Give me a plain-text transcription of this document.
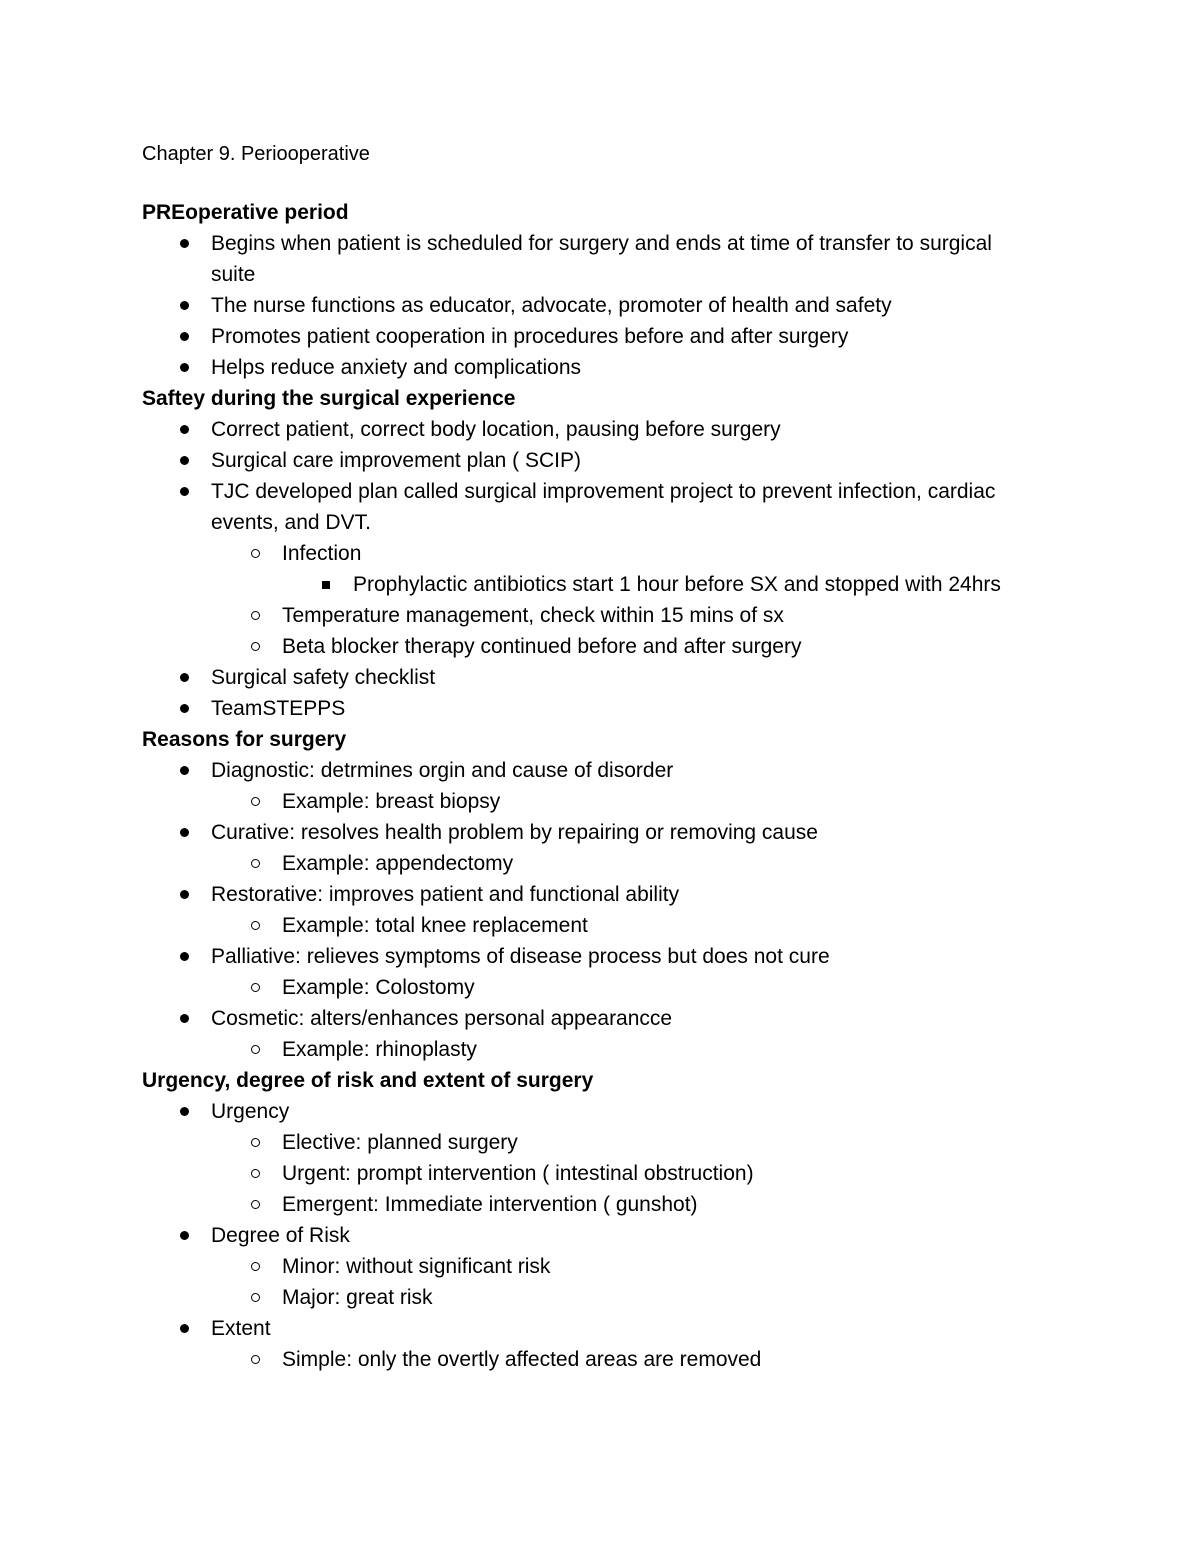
Chapter 9. Periooperative
PREoperative period
Begins when patient is scheduled for surgery and ends at time of transfer to surgical suite
The nurse functions as educator, advocate, promoter of health and safety
Promotes patient cooperation in procedures before and after surgery
Helps reduce anxiety and complications
Saftey during the surgical experience
Correct patient, correct body location, pausing before surgery
Surgical care improvement plan ( SCIP)
TJC developed plan called surgical improvement project to prevent infection, cardiac events, and DVT.
Infection
Prophylactic antibiotics start 1 hour before SX and stopped with 24hrs
Temperature management, check within 15 mins of sx
Beta blocker therapy continued before and after surgery
Surgical safety checklist
TeamSTEPPS
Reasons for surgery
Diagnostic: detrmines orgin and cause of disorder
Example: breast biopsy
Curative: resolves health problem by repairing or removing cause
Example: appendectomy
Restorative: improves patient and functional ability
Example: total knee replacement
Palliative: relieves symptoms of disease process but does not cure
Example: Colostomy
Cosmetic: alters/enhances personal appearancce
Example: rhinoplasty
Urgency, degree of risk and extent of surgery
Urgency
Elective: planned surgery
Urgent: prompt intervention ( intestinal obstruction)
Emergent: Immediate intervention ( gunshot)
Degree of Risk
Minor: without significant risk
Major: great risk
Extent
Simple: only the overtly affected areas are removed
